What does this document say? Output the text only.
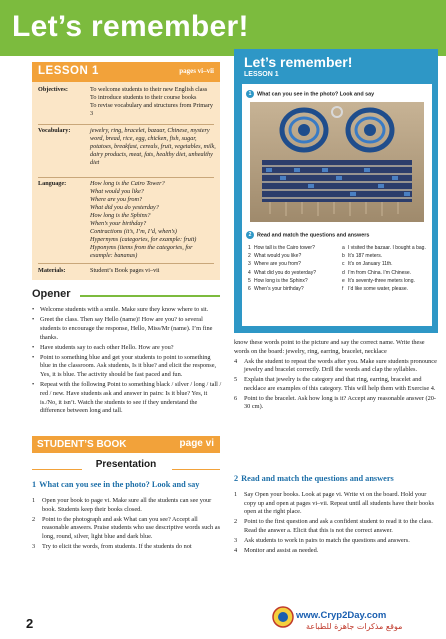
Let’s remember!
LESSON 1	pages vi–vii
Objectives:	To welcome students to their new English class
To introduce students to their course books
To revise vocabulary and structures from Primary 3
Vocabulary:	jewelry, ring, bracelet, bazaar, Chinese, mystery word, bread, rice, egg, chicken, fish, sugar, potatoes, breakfast, cereals, fruit, vegetables, milk, dairy products, meat, fats, healthy diet, unhealthy diet
Language:	How long is the Cairo Tower?
What would you like?
Where are you from?
What did you do yesterday?
How long is the Sphinx?
When’s your birthday?
Contractions (it’s, I’m, I’d, when’s)
Hypernyms (categories, for example: fruit)
Hyponyms (items from the categories, for example: bananas)
Materials:	Student’s Book pages vi–vii
Opener

• Welcome students with a smile. Make sure they know where to sit.

• Greet the class. Then say Hello (name)! How are you? to several students to encourage the response, Hello, Miss/Mr (name). I’m fine thanks.

• Have students say to each other Hello. How are you?

• Point to something blue and get your students to point to something blue in the classroom. Ask students, Is it blue? and elicit the response, Yes, it is blue. The activity should be fast paced and fun.

• Repeat with the following Point to something black / silver / long / tall / red / new. Have students ask and answer in pairs: Is it blue? Yes, it is./No, it isn’t. Watch the students to see if they understand the difference between long and tall.

STUDENT’S BOOK	page vi
Presentation
1 What can you see in the photo? Look and say

1 Open your book to page vi. Make sure all the students can see your book. Students keep their books closed.

2 Point to the photograph and ask What can you see? Accept all reasonable answers. Praise students who use descriptive words such as long, round, silver, light blue and dark blue.

3 Try to elicit the words, from students. If the students do not

Let’s remember!
LESSON 1
1 What can you see in the photo? Look and say
2 Read and match the questions and answers

1 How tall is the Cairo tower?

2 What would you like?

3 Where are you from?

4 What did you do yesterday?

5 How long is the Sphinx?

6 When’s your birthday?

a I visited the bazaar. I bought a bag.

b It’s 187 meters.

c It’s on January 11th.

d I’m from China. I’m Chinese.

e It’s seventy-three meters long.

f I’d like some water, please.

know these words point to the picture and say the correct name. Write these words on the board: jewelry, ring, earring, bracelet, necklace

4 Ask the student to repeat the words after you. Make sure students pronounce jewelry and bracelet correctly. Drill the words and clap the syllables.

5 Explain that jewelry is the category and that ring, earring, bracelet and necklace are examples of this category. This will help them with Exercise 4.

6 Point to the bracelet. Ask how long is it? Accept any reasonable answer (20-30 cm).

2 Read and match the questions and answers

1 Say Open your books. Look at page vi. Write vi on the board. Hold your copy up and open at pages vi–vii. Repeat until all students have their books open at the right place.

2 Point to the first question and ask a confident student to read it to the class. Read the answer a. Elicit that this is not the correct answer.

3 Ask students to work in pairs to match the questions and answers.

4 Monitor and assist as needed.

2
www.Cryp2Day.com
موقع مذكرات جاهزة للطباعة
